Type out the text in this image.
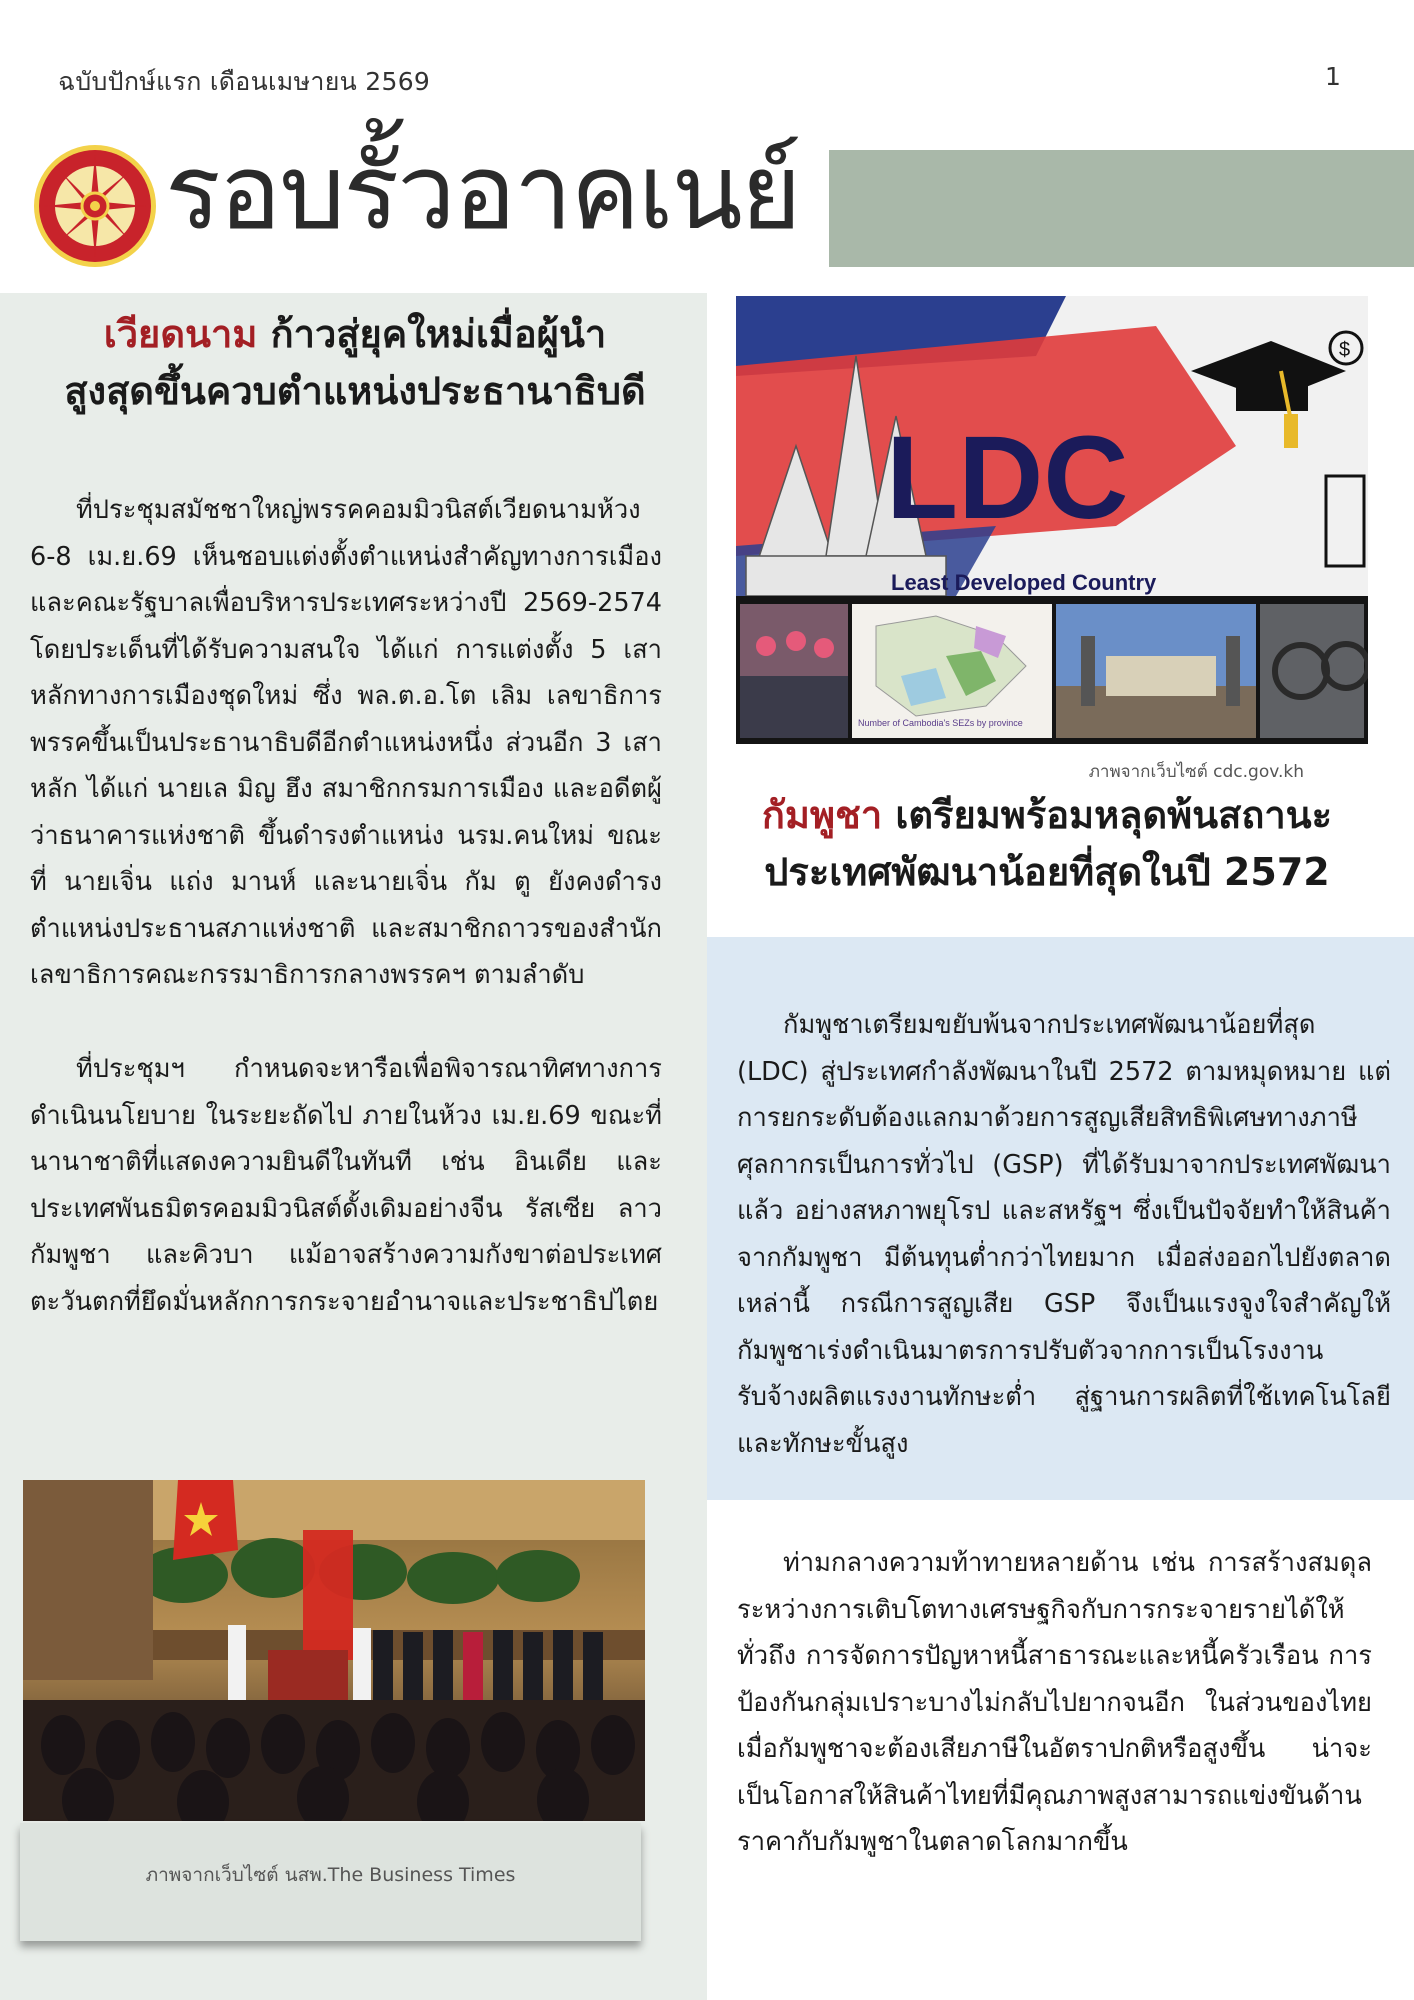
ฉบับปักษ์แรก เดือนเมษายน 2569	1
รอบรั้วอาคเนย์
เวียดนาม ก้าวสู่ยุคใหม่เมื่อผู้นำ
สูงสุดขึ้นควบตำแหน่งประธานาธิบดี
ที่ประชุมสมัชชาใหญ่พรรคคอมมิวนิสต์เวียดนามห้วง 6-8 เม.ย.69 เห็นชอบแต่งตั้งตำแหน่งสำคัญทางการเมืองและคณะรัฐบาลเพื่อบริหารประเทศระหว่างปี 2569-2574 โดยประเด็นที่ได้รับความสนใจ ได้แก่ การแต่งตั้ง 5 เสาหลักทางการเมืองชุดใหม่ ซึ่ง พล.ต.อ.โต เลิม เลขาธิการพรรคขึ้นเป็นประธานาธิบดีอีกตำแหน่งหนึ่ง ส่วนอีก 3 เสาหลัก ได้แก่ นายเล มิญ ฮึง สมาชิกกรมการเมือง และอดีตผู้ว่าธนาคารแห่งชาติ ขึ้นดำรงตำแหน่ง นรม.คนใหม่ ขณะที่ นายเจิ่น แถ่ง มานห์ และนายเจิ่น กัม ตู ยังคงดำรงตำแหน่งประธานสภาแห่งชาติ และสมาชิกถาวรของสำนักเลขาธิการคณะกรรมาธิการกลางพรรคฯ ตามลำดับ
ที่ประชุมฯ กำหนดจะหารือเพื่อพิจารณาทิศทางการดำเนินนโยบาย ในระยะถัดไป ภายในห้วง เม.ย.69 ขณะที่นานาชาติที่แสดงความยินดีในทันที เช่น อินเดีย และประเทศพันธมิตรคอมมิวนิสต์ดั้งเดิมอย่างจีน รัสเซีย ลาว กัมพูชา และคิวบา แม้อาจสร้างความกังขาต่อประเทศตะวันตกที่ยึดมั่นหลักการกระจายอำนาจและประชาธิปไตย
ภาพจากเว็บไซต์ นสพ.The Business Times
LDC
Least Developed Country
$
Number of Cambodia's SEZs by province
ภาพจากเว็บไซต์ cdc.gov.kh
กัมพูชา เตรียมพร้อมหลุดพ้นสถานะ
ประเทศพัฒนาน้อยที่สุดในปี 2572
กัมพูชาเตรียมขยับพ้นจากประเทศพัฒนาน้อยที่สุด (LDC) สู่ประเทศกำลังพัฒนาในปี 2572 ตามหมุดหมาย แต่การยกระดับต้องแลกมาด้วยการสูญเสียสิทธิพิเศษทางภาษีศุลกากรเป็นการทั่วไป (GSP) ที่ได้รับมาจากประเทศพัฒนาแล้ว อย่างสหภาพยุโรป และสหรัฐฯ ซึ่งเป็นปัจจัยทำให้สินค้าจากกัมพูชา มีต้นทุนต่ำกว่าไทยมาก เมื่อส่งออกไปยังตลาดเหล่านี้ กรณีการสูญเสีย GSP จึงเป็นแรงจูงใจสำคัญให้กัมพูชาเร่งดำเนินมาตรการปรับตัวจากการเป็นโรงงานรับจ้างผลิตแรงงานทักษะต่ำ สู่ฐานการผลิตที่ใช้เทคโนโลยีและทักษะขั้นสูง
ท่ามกลางความท้าทายหลายด้าน เช่น การสร้างสมดุลระหว่างการเติบโตทางเศรษฐกิจกับการกระจายรายได้ให้ทั่วถึง การจัดการปัญหาหนี้สาธารณะและหนี้ครัวเรือน การป้องกันกลุ่มเปราะบางไม่กลับไปยากจนอีก ในส่วนของไทย เมื่อกัมพูชาจะต้องเสียภาษีในอัตราปกติหรือสูงขึ้น น่าจะเป็นโอกาสให้สินค้าไทยที่มีคุณภาพสูงสามารถแข่งขันด้านราคากับกัมพูชาในตลาดโลกมากขึ้น
